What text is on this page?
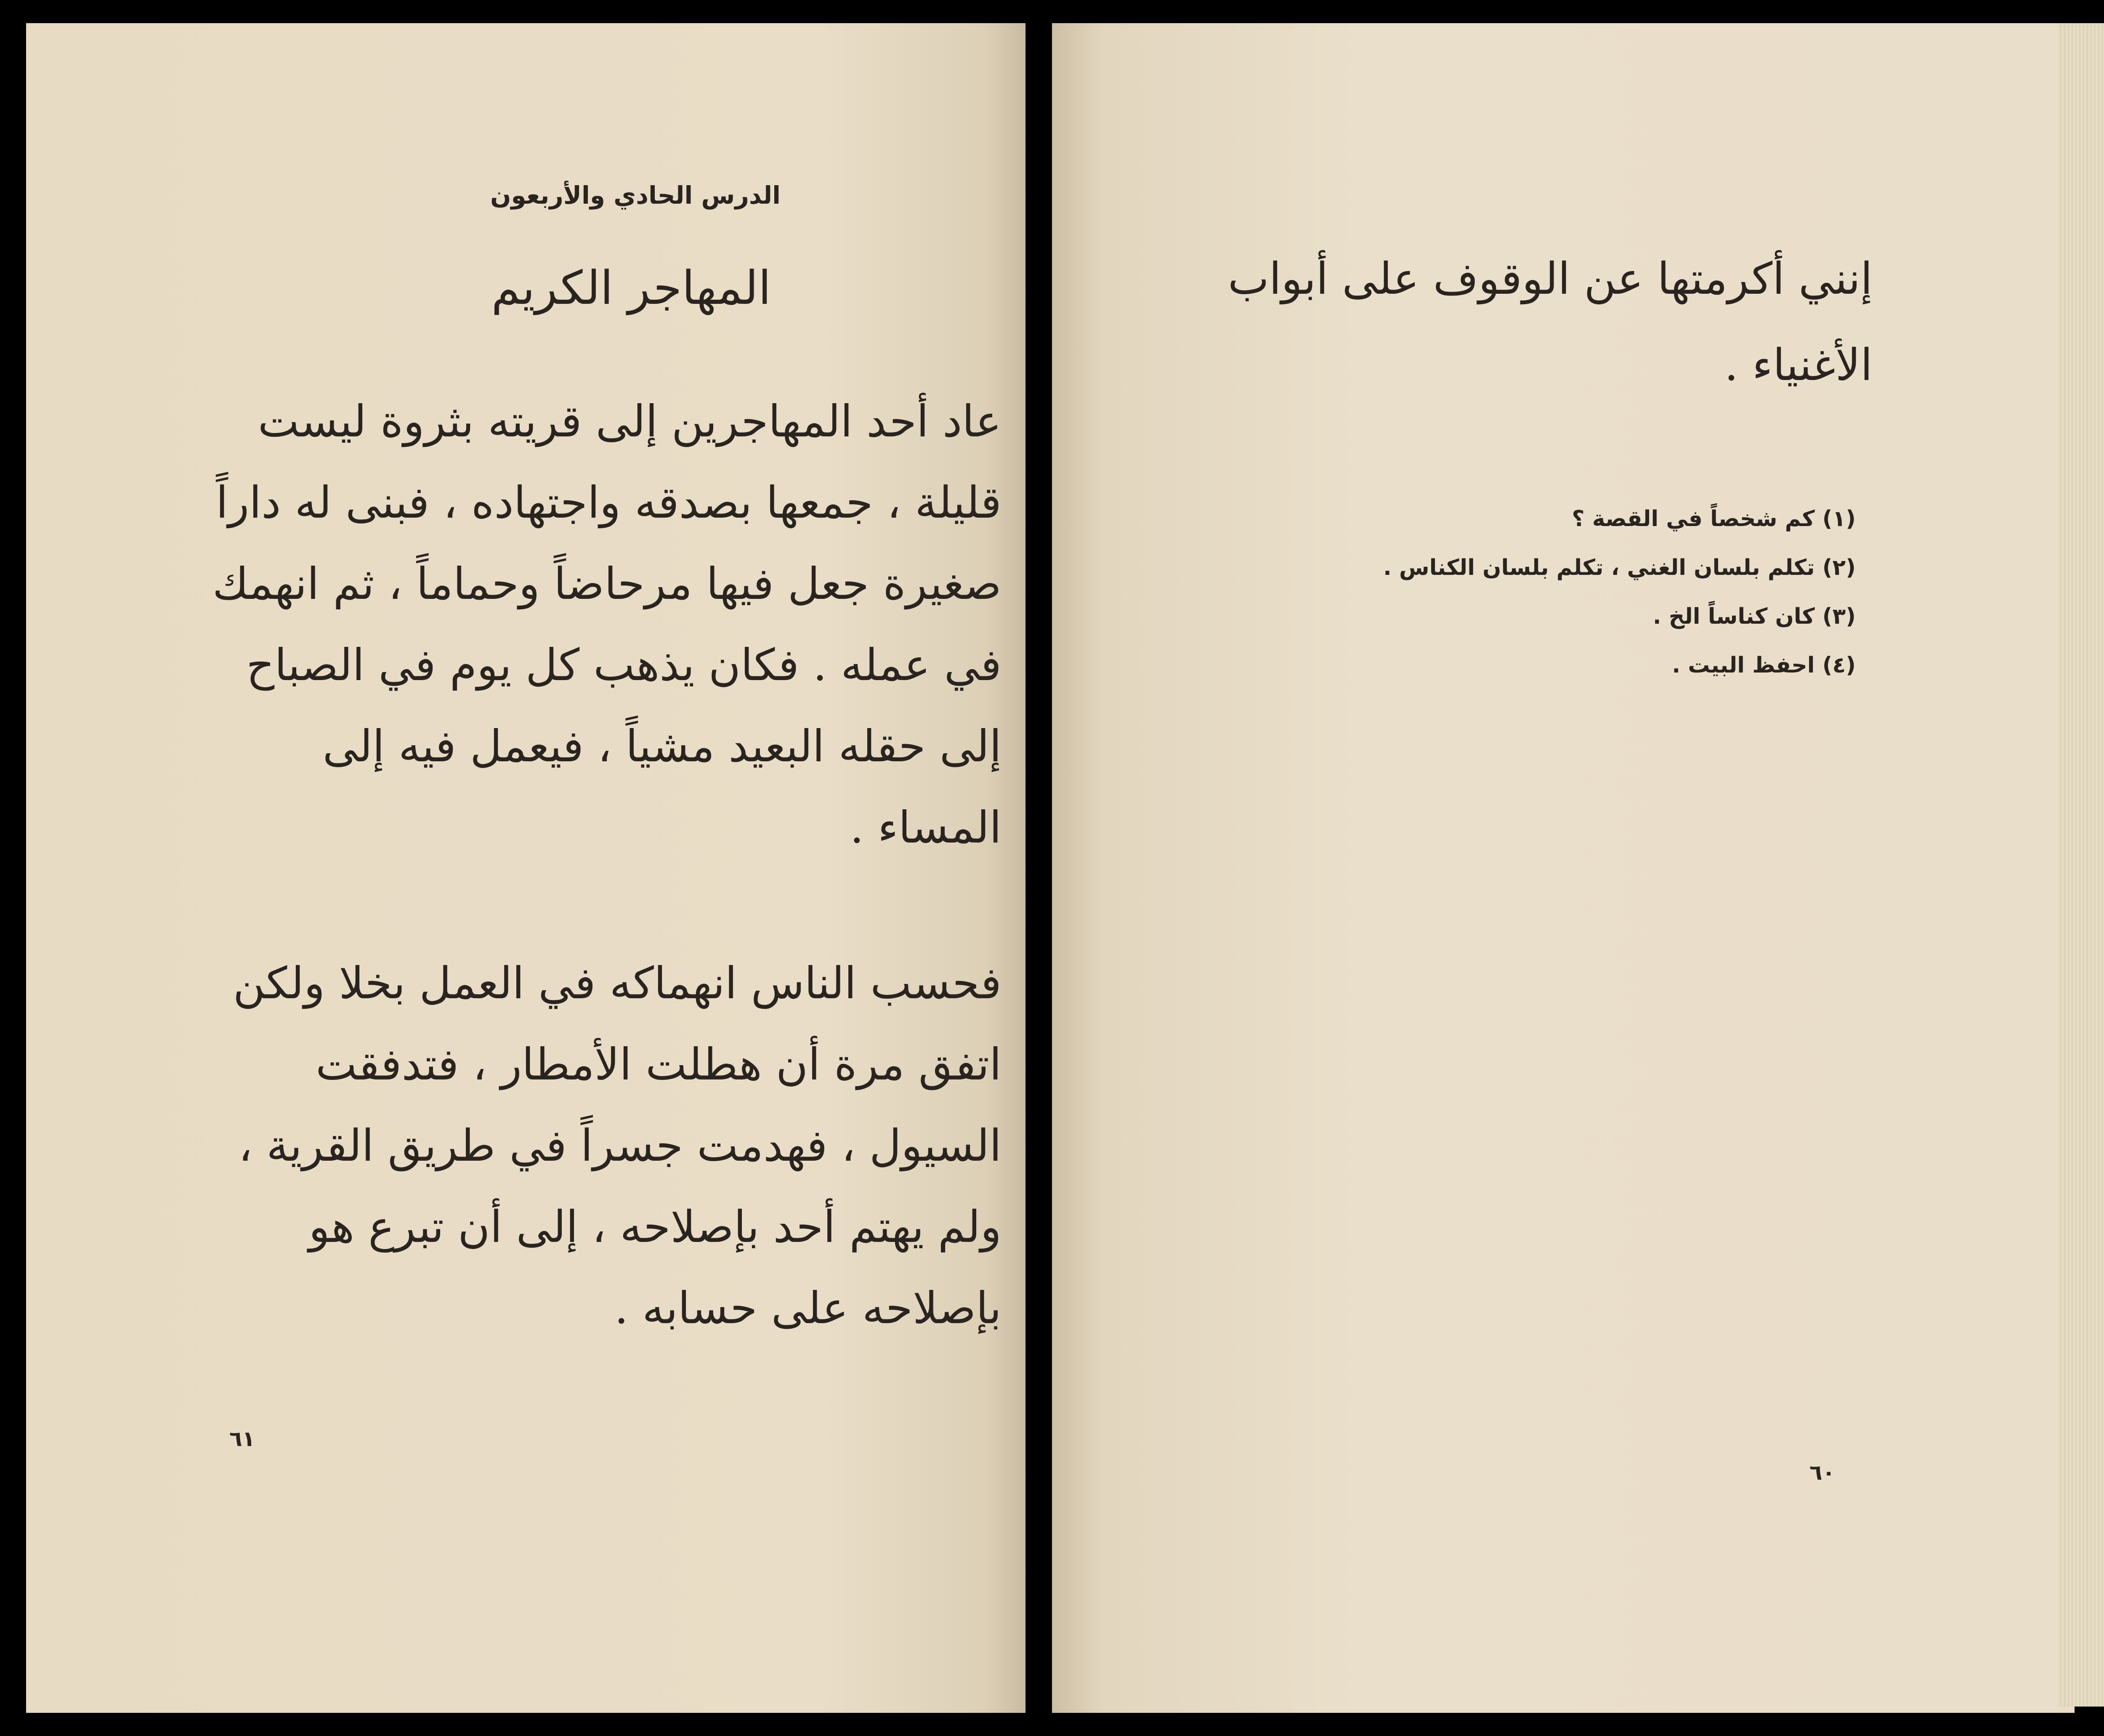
الدرس الحادي والأربعون

المهاجر الكريم

عاد أحد المهاجرين إلى قريته بثروة ليست قليلة ، جمعها بصدقه واجتهاده ، فبنى له داراً صغيرة جعل فيها مرحاضاً وحماماً ، ثم انهمك في عمله . فكان يذهب كل يوم في الصباح إلى حقله البعيد مشياً ، فيعمل فيه إلى المساء .

فحسب الناس انهماكه في العمل بخلا ولكن اتفق مرة أن هطلت الأمطار ، فتدفقت السيول ، فهدمت جسراً في طريق القرية ، ولم يهتم أحد بإصلاحه ، إلى أن تبرع هو بإصلاحه على حسابه .

٦١

إنني أكرمتها عن الوقوف على أبواب الأغنياء .

(١) كم شخصاً في القصة ؟
(٢) تكلم بلسان الغني ، تكلم بلسان الكناس .
(٣) كان كناساً الخ .
(٤) احفظ البيت .
٦٠
